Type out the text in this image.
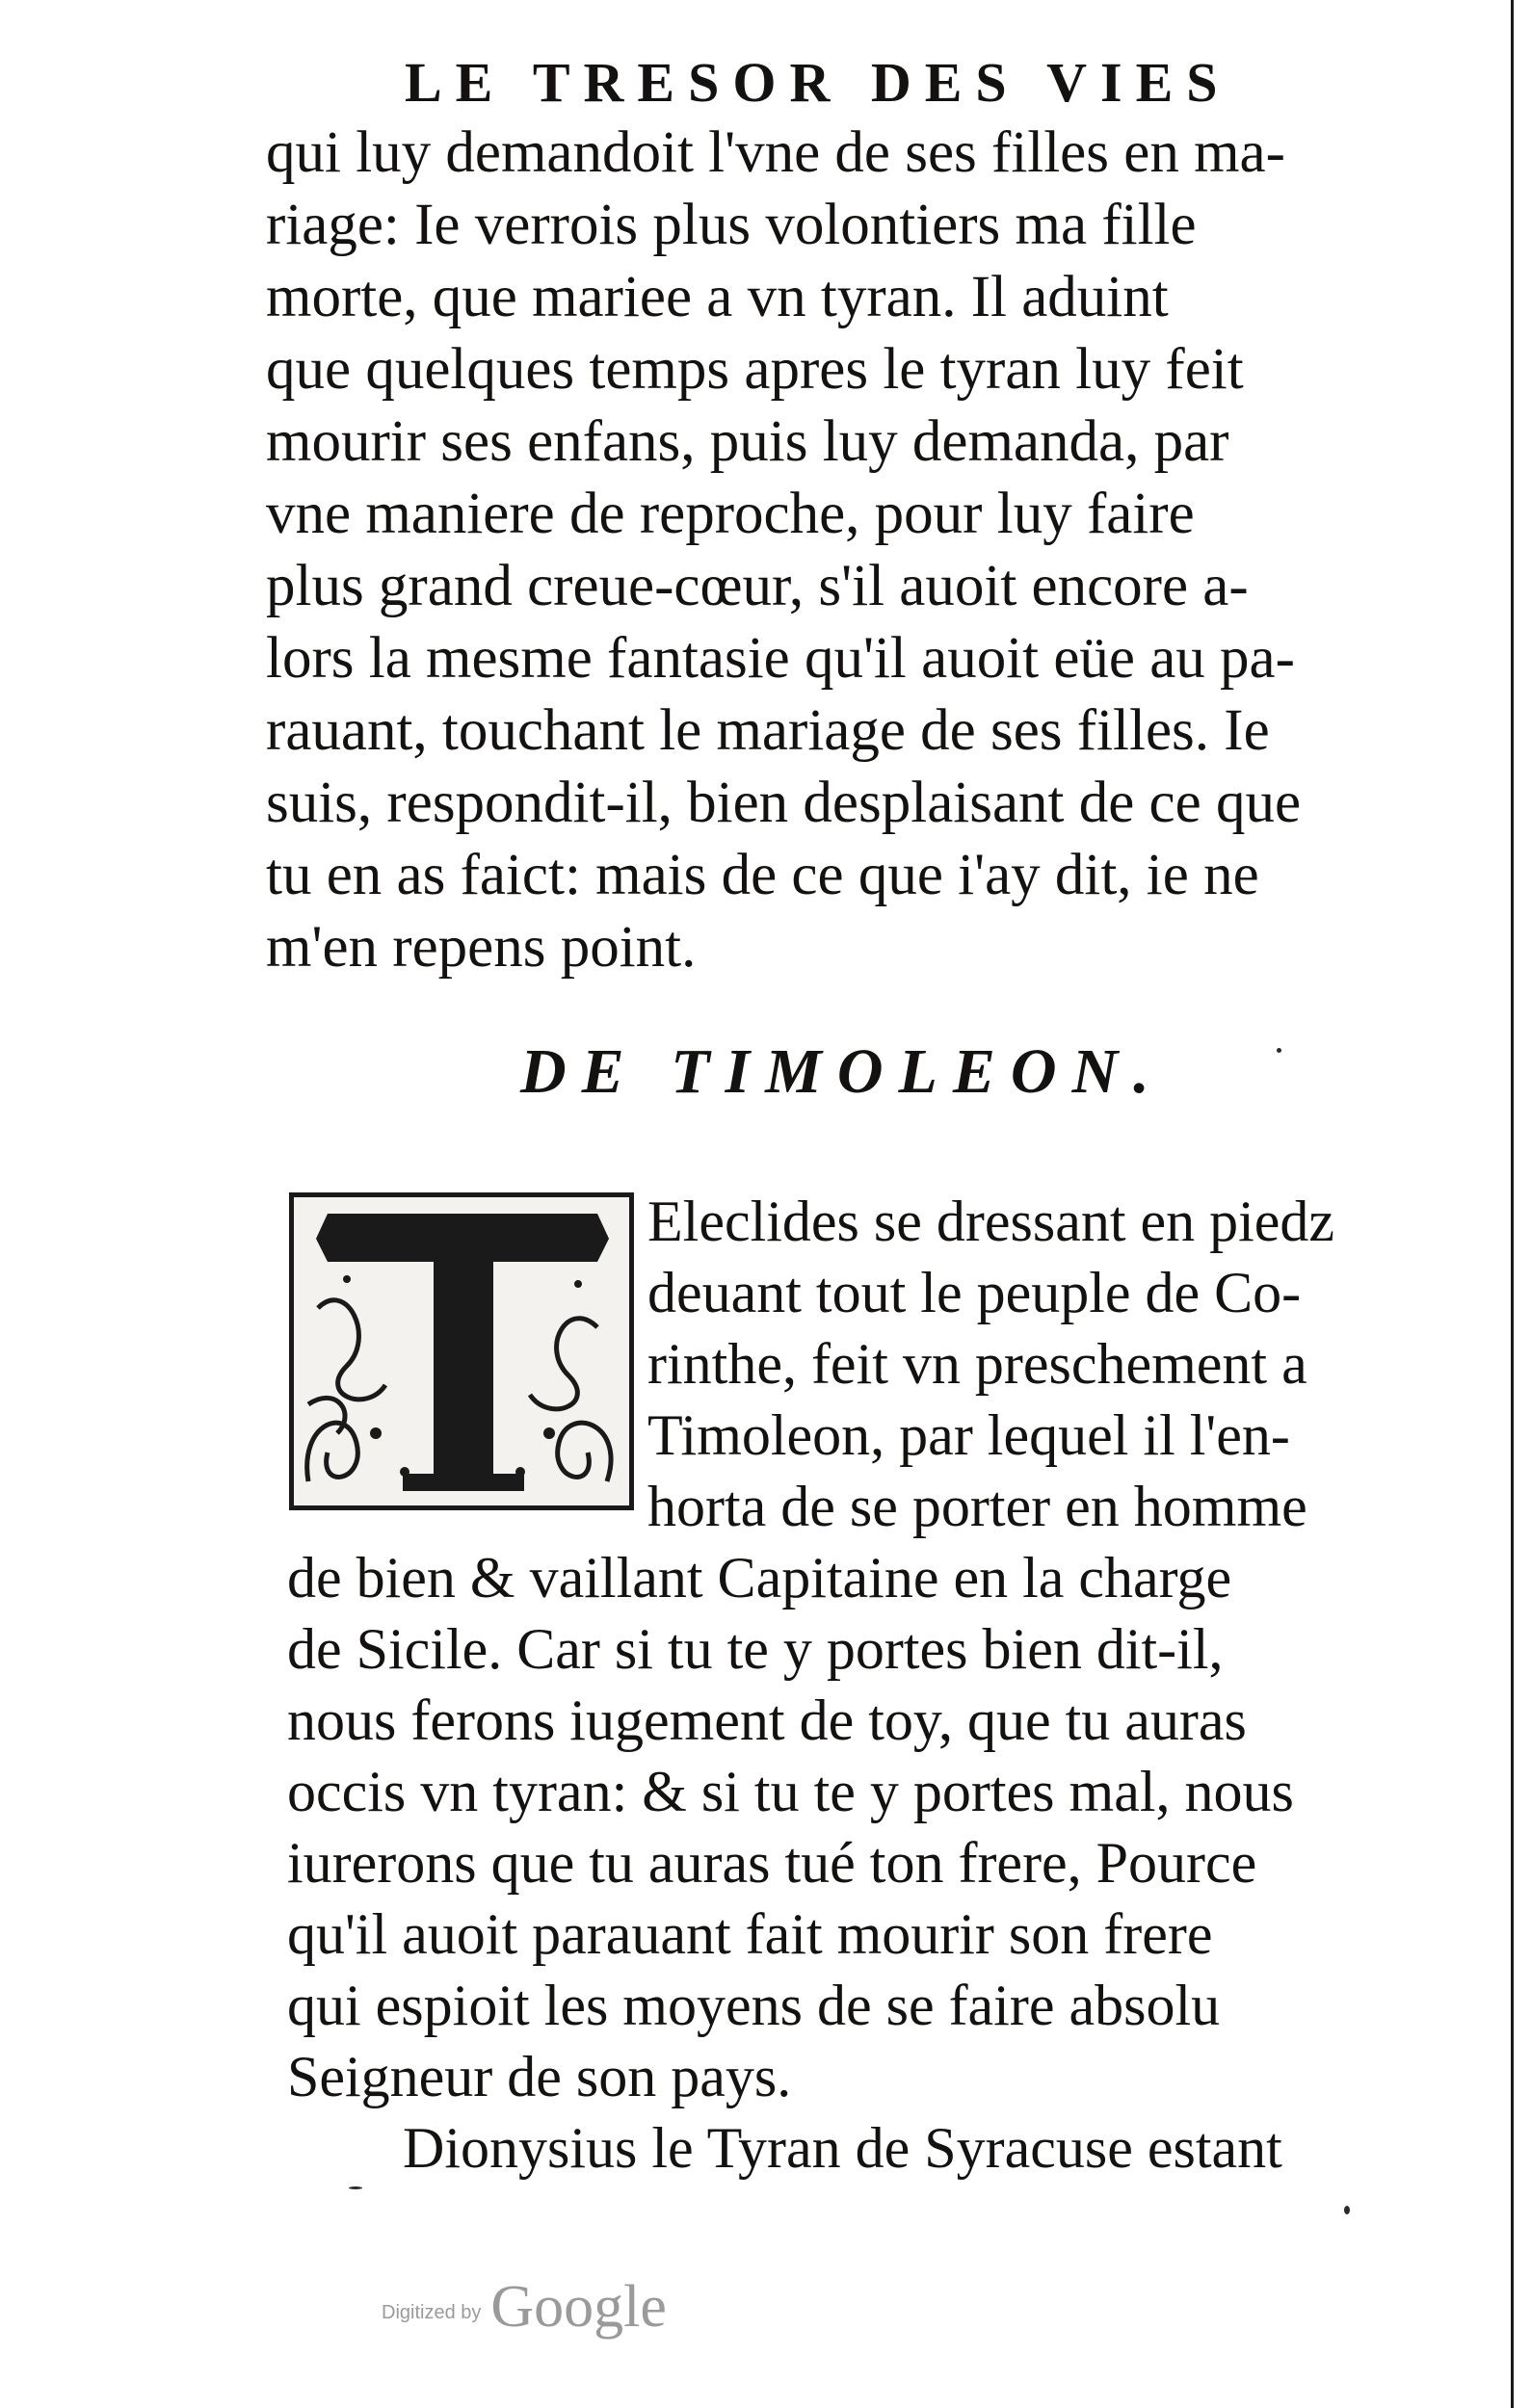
LE TRESOR DES VIES
qui luy demandoit l'vne de ses filles en ma-
riage: Ie verrois plus volontiers ma fille
morte, que mariee a vn tyran. Il aduint
que quelques temps apres le tyran luy feit
mourir ses enfans, puis luy demanda, par
vne maniere de reproche, pour luy faire
plus grand creue-cœur, s'il auoit encore a-
lors la mesme fantasie qu'il auoit eüe au pa-
rauant, touchant le mariage de ses filles. Ie
suis, respondit-il, bien desplaisant de ce que
tu en as faict: mais de ce que i'ay dit, ie ne
m'en repens point.
DE TIMOLEON.
T
Eleclides se dressant en piedz
deuant tout le peuple de Co-
rinthe, feit vn preschement a
Timoleon, par lequel il l'en-
horta de se porter en homme
de bien & vaillant Capitaine en la charge
de Sicile. Car si tu te y portes bien dit-il,
nous ferons iugement de toy, que tu auras
occis vn tyran: & si tu te y portes mal, nous
iurerons que tu auras tué ton frere, Pource
qu'il auoit parauant fait mourir son frere
qui espioit les moyens de se faire absolu
Seigneur de son pays.
Dionysius le Tyran de Syracuse estant
Digitized by Google
